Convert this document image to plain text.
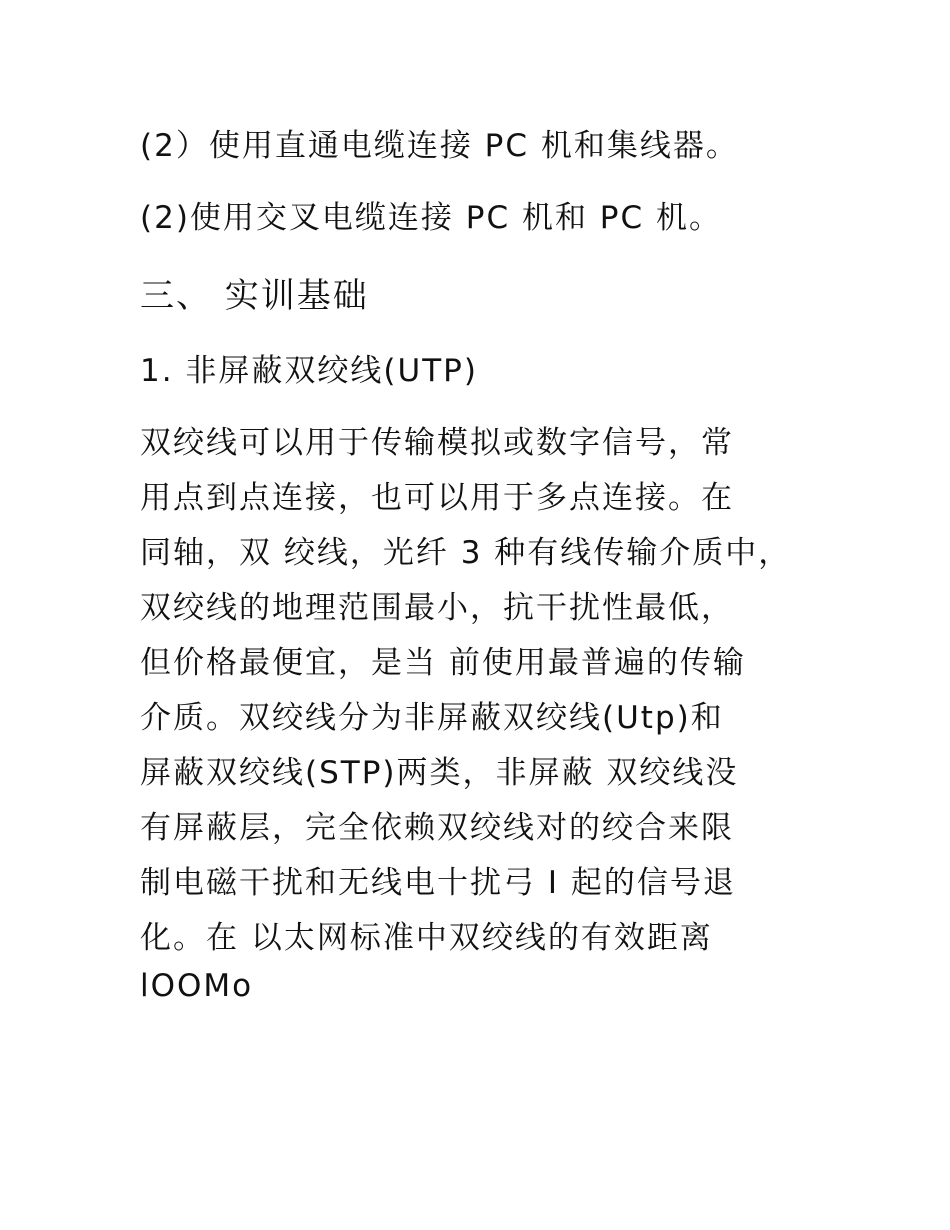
(2）使用直通电缆连接 PC 机和集线器。
(2)使用交叉电缆连接 PC 机和 PC 机。
三、 实训基础
1. 非屏蔽双绞线(UTP)
双绞线可以用于传输模拟或数字信号，常
用点到点连接，也可以用于多点连接。在
同轴，双 绞线，光纤 3 种有线传输介质中，
双绞线的地理范围最小，抗干扰性最低，
但价格最便宜，是当 前使用最普遍的传输
介质。双绞线分为非屏蔽双绞线(Utp)和
屏蔽双绞线(STP)两类，非屏蔽 双绞线没
有屏蔽层，完全依赖双绞线对的绞合来限
制电磁干扰和无线电十扰弓 I 起的信号退
化。在 以太网标准中双绞线的有效距离
lOOMo
